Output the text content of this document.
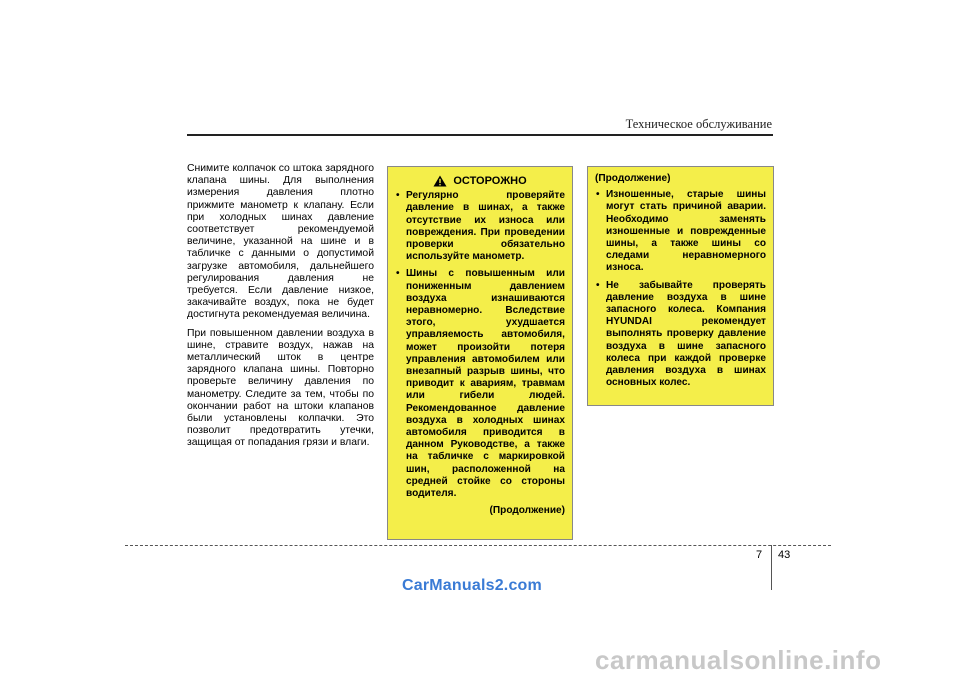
Техническое обслуживание

Снимите колпачок со штока зарядного клапана шины. Для выполнения измерения давления плотно прижмите манометр к клапану. Если при холодных шинах давление соответствует рекомендуемой величине, указанной на шине и в табличке с данными о допустимой загрузке автомобиля, дальнейшего регулирования давления не требуется. Если давление низкое, закачивайте воздух, пока не будет достигнута рекомендуемая величина.

При повышенном давлении воздуха в шине, стравите воздух, нажав на металлический шток в центре зарядного клапана шины. Повторно проверьте величину давления по манометру. Следите за тем, чтобы по окончании работ на штоки клапанов были установлены колпачки. Это позволит предотвратить утечки, защищая от попадания грязи и влаги.

ОСТОРОЖНО
• Регулярно проверяйте давление в шинах, а также отсутствие их износа или повреждения. При проведении проверки обязательно используйте манометр.
• Шины с повышенным или пониженным давлением воздуха изнашиваются неравномерно. Вследствие этого, ухудшается управляемость автомобиля, может произойти потеря управления автомобилем или внезапный разрыв шины, что приводит к авариям, травмам или гибели людей. Рекомендованное давление воздуха в холодных шинах автомобиля приводится в данном Руководстве, а также на табличке с маркировкой шин, расположенной на средней стойке со стороны водителя.
(Продолжение)
(Продолжение)
• Изношенные, старые шины могут стать причиной аварии. Необходимо заменять изношенные и поврежденные шины, а также шины со следами неравномерного износа.
• Не забывайте проверять давление воздуха в шине запасного колеса. Компания HYUNDAI рекомендует выполнять проверку давление воздуха в шине запасного колеса при каждой проверке давления воздуха в шинах основных колес.
7 43
CarManuals2.com
carmanualsonline.info
